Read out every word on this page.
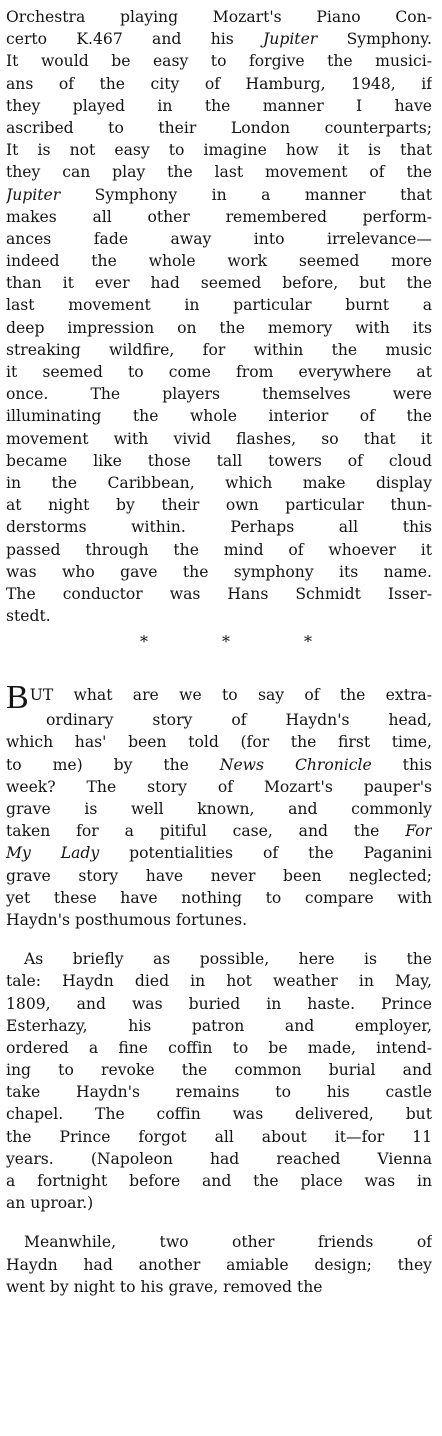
Orchestra playing Mozart's Piano Con-
certo K.467 and his Jupiter Symphony.
It would be easy to forgive the musici-
ans of the city of Hamburg, 1948, if
they played in the manner I have
ascribed to their London counterparts;
It is not easy to imagine how it is that
they can play the last movement of the
Jupiter Symphony in a manner that
makes all other remembered perform-
ances fade away into irrelevance—
indeed the whole work seemed more
than it ever had seemed before, but the
last movement in particular burnt a
deep impression on the memory with its
streaking wildfire, for within the music
it seemed to come from everywhere at
once. The players themselves were
illuminating the whole interior of the
movement with vivid flashes, so that it
became like those tall towers of cloud
in the Caribbean, which make display
at night by their own particular thun-
derstorms within. Perhaps all this
passed through the mind of whoever it
was who gave the symphony its name.
The conductor was Hans Schmidt Isser-
stedt.
*	*	*
BUT what are we to say of the extra-
ordinary story of Haydn's head,
which has' been told (for the first time,
to me) by the News Chronicle this
week? The story of Mozart's pauper's
grave is well known, and commonly
taken for a pitiful case, and the For
My Lady potentialities of the Paganini
grave story have never been neglected;
yet these have nothing to compare with
Haydn's posthumous fortunes.
As briefly as possible, here is the
tale: Haydn died in hot weather in May,
1809, and was buried in haste. Prince
Esterhazy, his patron and employer,
ordered a fine coffin to be made, intend-
ing to revoke the common burial and
take Haydn's remains to his castle
chapel. The coffin was delivered, but
the Prince forgot all about it—for 11
years. (Napoleon had reached Vienna
a fortnight before and the place was in
an uproar.)
Meanwhile, two other friends of
Haydn had another amiable design; they
went by night to his grave, removed the
